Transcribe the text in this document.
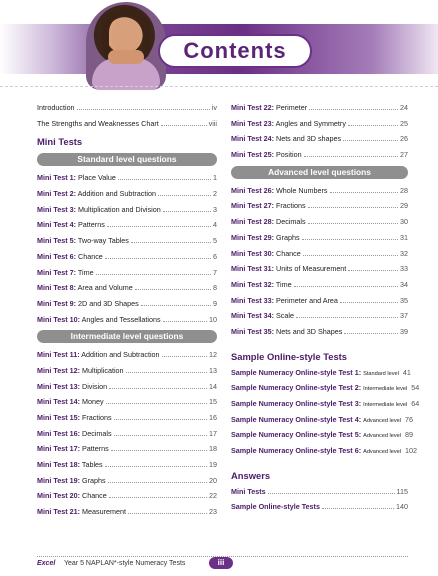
Contents
Introduction	iv
The Strengths and Weaknesses Chart	viii
Mini Tests
Standard level questions
Mini Test 1: Place Value	1
Mini Test 2: Addition and Subtraction	2
Mini Test 3: Multiplication and Division	3
Mini Test 4: Patterns	4
Mini Test 5: Two-way Tables	5
Mini Test 6: Chance	6
Mini Test 7: Time	7
Mini Test 8: Area and Volume	8
Mini Test 9: 2D and 3D Shapes	9
Mini Test 10: Angles and Tessellations	10
Intermediate level questions
Mini Test 11: Addition and Subtraction	12
Mini Test 12: Multiplication	13
Mini Test 13: Division	14
Mini Test 14: Money	15
Mini Test 15: Fractions	16
Mini Test 16: Decimals	17
Mini Test 17: Patterns	18
Mini Test 18: Tables	19
Mini Test 19: Graphs	20
Mini Test 20: Chance	22
Mini Test 21: Measurement	23
Mini Test 22: Perimeter	24
Mini Test 23: Angles and Symmetry	25
Mini Test 24: Nets and 3D shapes	26
Mini Test 25: Position	27
Advanced level questions
Mini Test 26: Whole Numbers	28
Mini Test 27: Fractions	29
Mini Test 28: Decimals	30
Mini Test 29: Graphs	31
Mini Test 30: Chance	32
Mini Test 31: Units of Measurement	33
Mini Test 32: Time	34
Mini Test 33: Perimeter and Area	35
Mini Test 34: Scale	37
Mini Test 35: Nets and 3D Shapes	39
Sample Online-style Tests
Sample Numeracy Online-style Test 1: Standard level 41
Sample Numeracy Online-style Test 2: Intermediate level 54
Sample Numeracy Online-style Test 3: Intermediate level 64
Sample Numeracy Online-style Test 4: Advanced level 76
Sample Numeracy Online-style Test 5: Advanced level 89
Sample Numeracy Online-style Test 6: Advanced level 102
Answers
Mini Tests	115
Sample Online-style Tests	140
Excel Year 5 NAPLAN*-style Numeracy Tests	iii
